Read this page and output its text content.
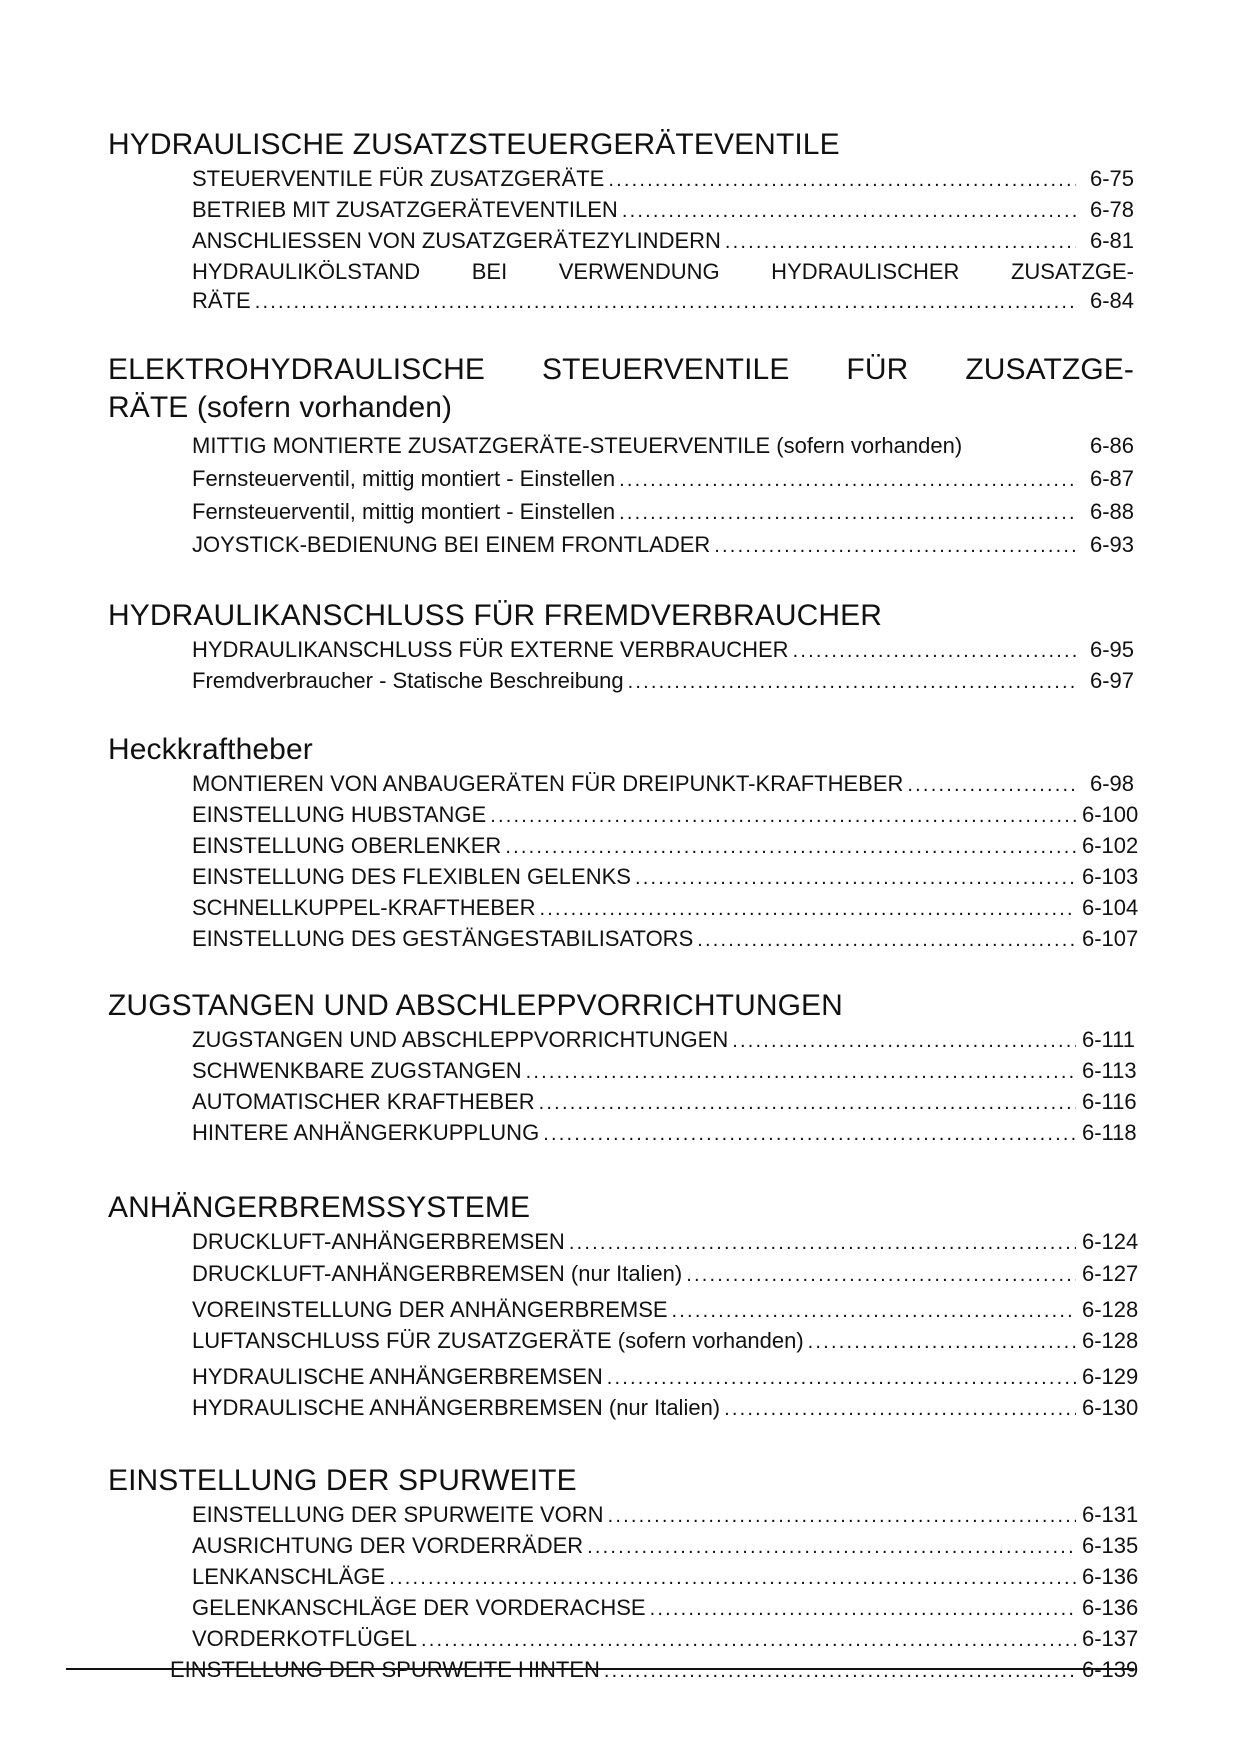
HYDRAULISCHE ZUSATZSTEUERGERÄTEVENTILE
STEUERVENTILE FÜR ZUSATZGERÄTE .....	6-75
BETRIEB MIT ZUSATZGERÄTEVENTILEN .....	6-78
ANSCHLIESSEN VON ZUSATZGERÄTEZYLINDERN .....	6-81
HYDRAULIKÖLSTAND BEI VERWENDUNG HYDRAULISCHER ZUSATZGE-
RÄTE .....	6-84
ELEKTROHYDRAULISCHE STEUERVENTILE FÜR ZUSATZGE-
RÄTE (sofern vorhanden)
MITTIG MONTIERTE ZUSATZGERÄTE-STEUERVENTILE (sofern vorhanden)	6-86
Fernsteuerventil, mittig montiert - Einstellen .....	6-87
Fernsteuerventil, mittig montiert - Einstellen .....	6-88
JOYSTICK-BEDIENUNG BEI EINEM FRONTLADER .....	6-93
HYDRAULIKANSCHLUSS FÜR FREMDVERBRAUCHER
HYDRAULIKANSCHLUSS FÜR EXTERNE VERBRAUCHER .....	6-95
Fremdverbraucher - Statische Beschreibung .....	6-97
Heckkraftheber
MONTIEREN VON ANBAUGERÄTEN FÜR DREIPUNKT-KRAFTHEBER .....	6-98
EINSTELLUNG HUBSTANGE .....	6-100
EINSTELLUNG OBERLENKER .....	6-102
EINSTELLUNG DES FLEXIBLEN GELENKS .....	6-103
SCHNELLKUPPEL-KRAFTHEBER .....	6-104
EINSTELLUNG DES GESTÄNGESTABILISATORS .....	6-107
ZUGSTANGEN UND ABSCHLEPPVORRICHTUNGEN
ZUGSTANGEN UND ABSCHLEPPVORRICHTUNGEN .....	6-111
SCHWENKBARE ZUGSTANGEN .....	6-113
AUTOMATISCHER KRAFTHEBER .....	6-116
HINTERE ANHÄNGERKUPPLUNG .....	6-118
ANHÄNGERBREMSSYSTEME
DRUCKLUFT-ANHÄNGERBREMSEN .....	6-124
DRUCKLUFT-ANHÄNGERBREMSEN (nur Italien) .....	6-127
VOREINSTELLUNG DER ANHÄNGERBREMSE .....	6-128
LUFTANSCHLUSS FÜR ZUSATZGERÄTE (sofern vorhanden) .....	6-128
HYDRAULISCHE ANHÄNGERBREMSEN .....	6-129
HYDRAULISCHE ANHÄNGERBREMSEN (nur Italien) .....	6-130
EINSTELLUNG DER SPURWEITE
EINSTELLUNG DER SPURWEITE VORN .....	6-131
AUSRICHTUNG DER VORDERRÄDER .....	6-135
LENKANSCHLÄGE .....	6-136
GELENKANSCHLÄGE DER VORDERACHSE .....	6-136
VORDERKOTFLÜGEL .....	6-137
EINSTELLUNG DER SPURWEITE HINTEN .....	6-139
